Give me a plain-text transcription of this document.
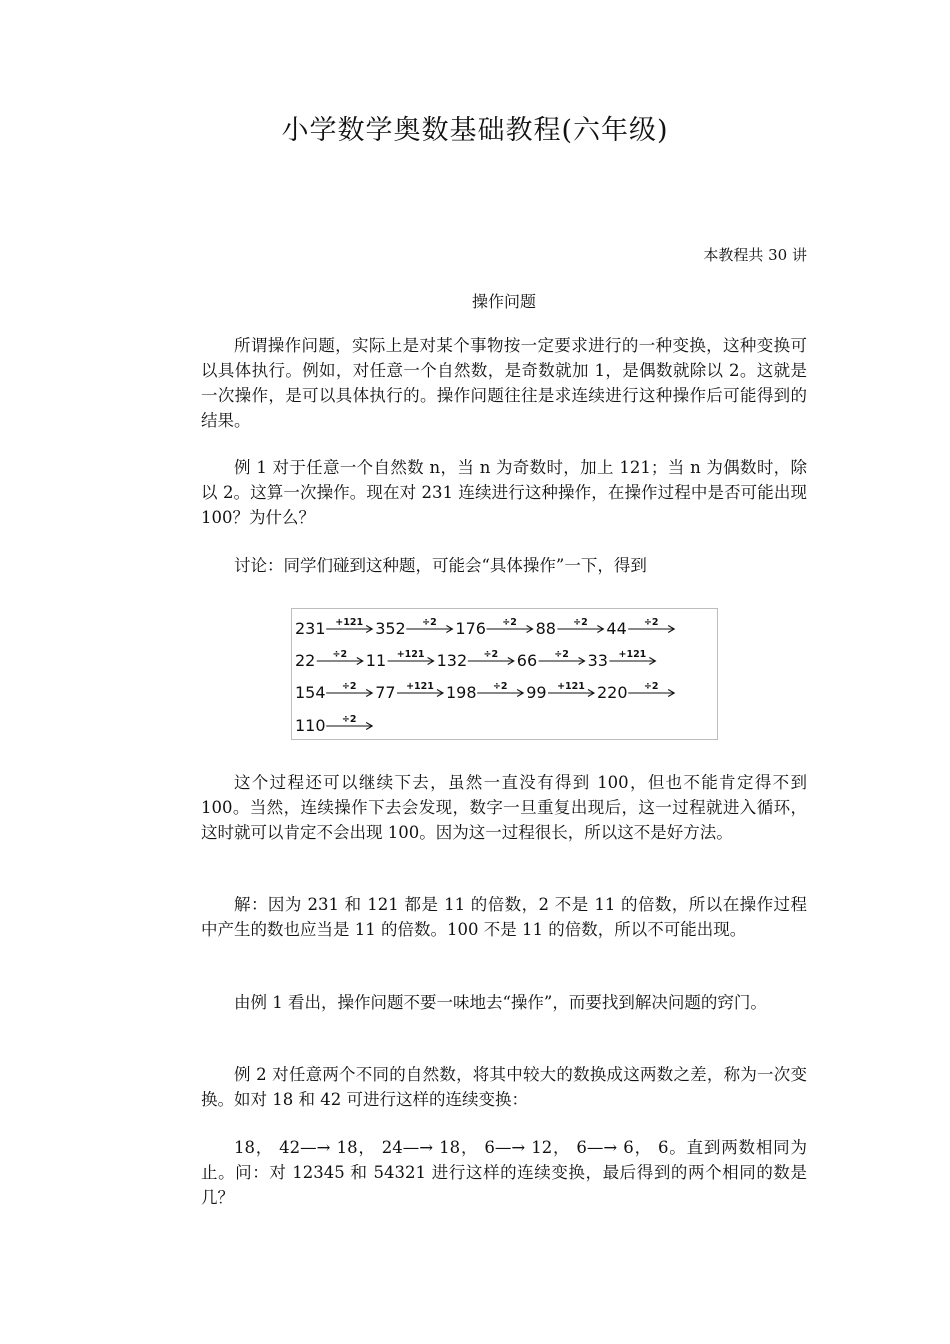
小学数学奥数基础教程(六年级)
本教程共 30 讲
操作问题

所谓操作问题，实际上是对某个事物按一定要求进行的一种变换，这种变换可以具体执行。例如，对任意一个自然数，是奇数就加 1，是偶数就除以 2。这就是一次操作，是可以具体执行的。操作问题往往是求连续进行这种操作后可能得到的结果。

例 1 对于任意一个自然数 n，当 n 为奇数时，加上 121；当 n 为偶数时，除以 2。这算一次操作。现在对 231 连续进行这种操作，在操作过程中是否可能出现 100？为什么？

讨论：同学们碰到这种题，可能会“具体操作”一下，得到

231 +121 352 ÷2 176 ÷2 88 ÷2 44 ÷2
22 ÷2 11 +121 132 ÷2 66 ÷2 33 +121
154 ÷2 77 +121 198 ÷2 99 +121 220 ÷2
110 ÷2

这个过程还可以继续下去，虽然一直没有得到 100，但也不能肯定得不到 100。当然，连续操作下去会发现，数字一旦重复出现后，这一过程就进入循环，这时就可以肯定不会出现 100。因为这一过程很长，所以这不是好方法。

解：因为 231 和 121 都是 11 的倍数，2 不是 11 的倍数，所以在操作过程中产生的数也应当是 11 的倍数。100 不是 11 的倍数，所以不可能出现。

由例 1 看出，操作问题不要一味地去“操作”，而要找到解决问题的窍门。

例 2 对任意两个不同的自然数，将其中较大的数换成这两数之差，称为一次变换。如对 18 和 42 可进行这样的连续变换：

18， 42—→ 18， 24—→ 18， 6—→ 12， 6—→ 6， 6。直到两数相同为止。问：对 12345 和 54321 进行这样的连续变换，最后得到的两个相同的数是几？
